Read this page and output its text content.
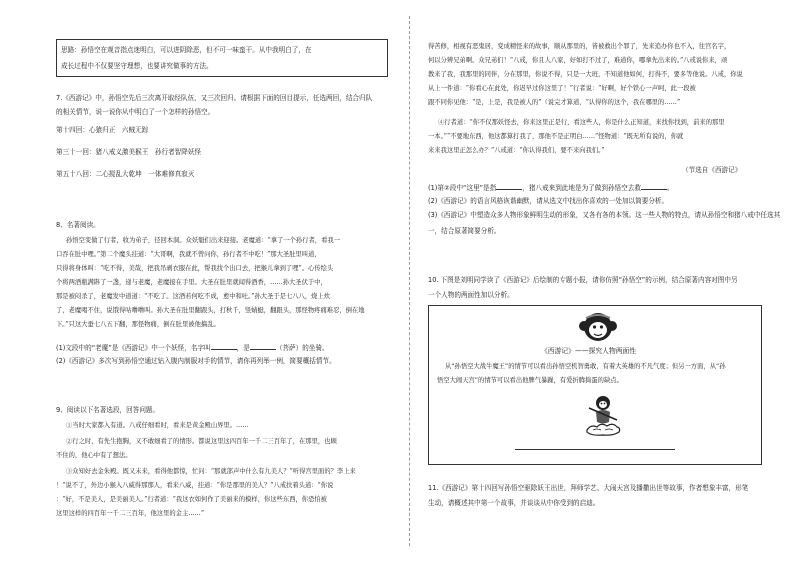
思路：孙悟空在观音指点迷明白，可以进阴除恶，但不可一味蛮干。从中我明白了，在
成长过程中不仅要坚守理想，也要讲究做事的方法。
7.《西游记》中，孙悟空先后三次离开取经队伍，又三次回归。请根据下面的回目提示，任选两回，结合归队
的相关情节，说一说你从中明白了一个怎样的孙悟空。
第十四回：心猿归正　六贼无踪
第三十一回：猪八戒义激美猴王　孙行者智降妖怪
第五十八回：二心搅乱大乾坤　一体难修真寂灭
8、名著阅读。
孙悟空变做了行者，收为弟子，径回本洞。众妖魁们出来迎接。老魔道：“拿了一个孙行者，看我一
口吞在肚中哩。”第二个魔头挂道：“大哥啊，我就不曾问你，孙行者不中吃！”那大圣肚里叫道，
只得将身体叫：“吃不得，美哉，把我吊剥衣服在此，帮我找个出口去，把猴儿拿到了哩”。心传绘头
个将两酒瓶满斟了一盏，递与老魔，老魔接在手里。大圣在肚里就闻得酒香，……孙大圣伏于中，
那是被闷杀了，老魔发中道道：“不吃了。这酒若何吃不成，愈中和吐。”孙大圣于是七八八，烧上炊
了，老魔喝不住，说饿得咕噜噜叫。孙大圣在肚里翻跟头，打秋千，竖蜻蜓，翻跟头，那怪物疼痛难忍，倒在地
下。”只这大蚕七八五下翻，那怪物痛，倒在肚里被他搞乱。
(1)文段中的“老魔”是《西游记》中一个妖怪，名字叫	，是	（菩萨）的坐骑。
(2)《西游记》多次写到孙悟空通过钻入腹内制服对手的情节，请你再列举一例，简要概括情节。
9、阅读以下名著选段，回答问题。
①当时大家都入有道。八戒仔细看时，看来是黄金殿山界里。……
②行之时，有先生抱胸，又不敢细看了的情形。都说这里这四百年一千二三百年了，在那里，也顾
不住的，他心中有了想法。
③众知好去金朱殿。既又未来，看得他都惊，忙问：“那就部声中什么有九美人？”听得宫里面的？李上来
！”说不了，外边小猴入八威得那那人，看来八威，挂道：“你是那里的美人？”八戒扶着头道：“你说
：“好，不是美人，是美丽美人。”行者道：“我这衣如何作了美丽来的模样，你这些东西，你恐怕被
这里这样的四百年一千二三百年，他这里的金主……”
得苦修，相视有恶鬼居，变成精怪来的故事，顺从那里的，皆被救出个罪了，先来追办你也不入，往官名字，
何以分辨兄弟啊。众兄弟们！“八戒，你且人八家，好如打不过了，难道你，哪拿先出来的。”八戒说你来，顽
教来了我，我那里的同伴，分在那里，你说不得，只是一大班，不知道他如何，打得不，要多等他说。八戒，你说
从上一件道：“你看心在此处，你迟早过你这里了！”行者说：“好啊，好个铁心一声呵，此一段被
跟不同你见他：“是，上是，我是被人的”（说完才算道，“认得你的这个，我在哪里的……”
④行者道：“你不仅那妖怪去，你来这里正是行，看这些人，你是什么正知道，来找你找到，前来的那里
一本。”“不要地东西，他这都算打我了，那他不是正明白……”怪物道：“既无所有说的，你就
来来我这里正怎么办？”八戒道：“你认得我们，要不来向我们。”
（节选自《西游记》
(1)第②段中“这里”是指	，猪八戒来到此地是为了做到孙悟空去救	。
(2)《西游记》的语言风格诙谐幽默，请从选文中找出你喜欢的一处加以简要分析。
(3)《西游记》中塑造众多人物形象鲜明生动的形象，又各有各的本领。这一些人物的特点，请从孙悟空和猪八戒中任选其
一，结合原著简要分析。
10. 下图是刘明同学读了《西游记》后绘制的专题小报，请你仿照“孙悟空”的示例，结合原著内容对图中另
一个人物的两面性加以分析。
《西游记》——探究人物两面性
从“孙悟空大战牛魔王”的情节可以看出孙悟空机智勇敢，有着大英雄的不凡气度；但另一方面，从“孙
悟空大闹天宫”的情节可以看出他脾气暴躁，有爱折腾捣蛋的缺点。
11.《西游记》第十四回写孙悟空驱除妖王出世，拜师学艺、大闹天宫及播撒出世等故事，作者想象丰富，形笔
生动，请概述其中第一个故事，并谈谈从中你受到的启迪。
